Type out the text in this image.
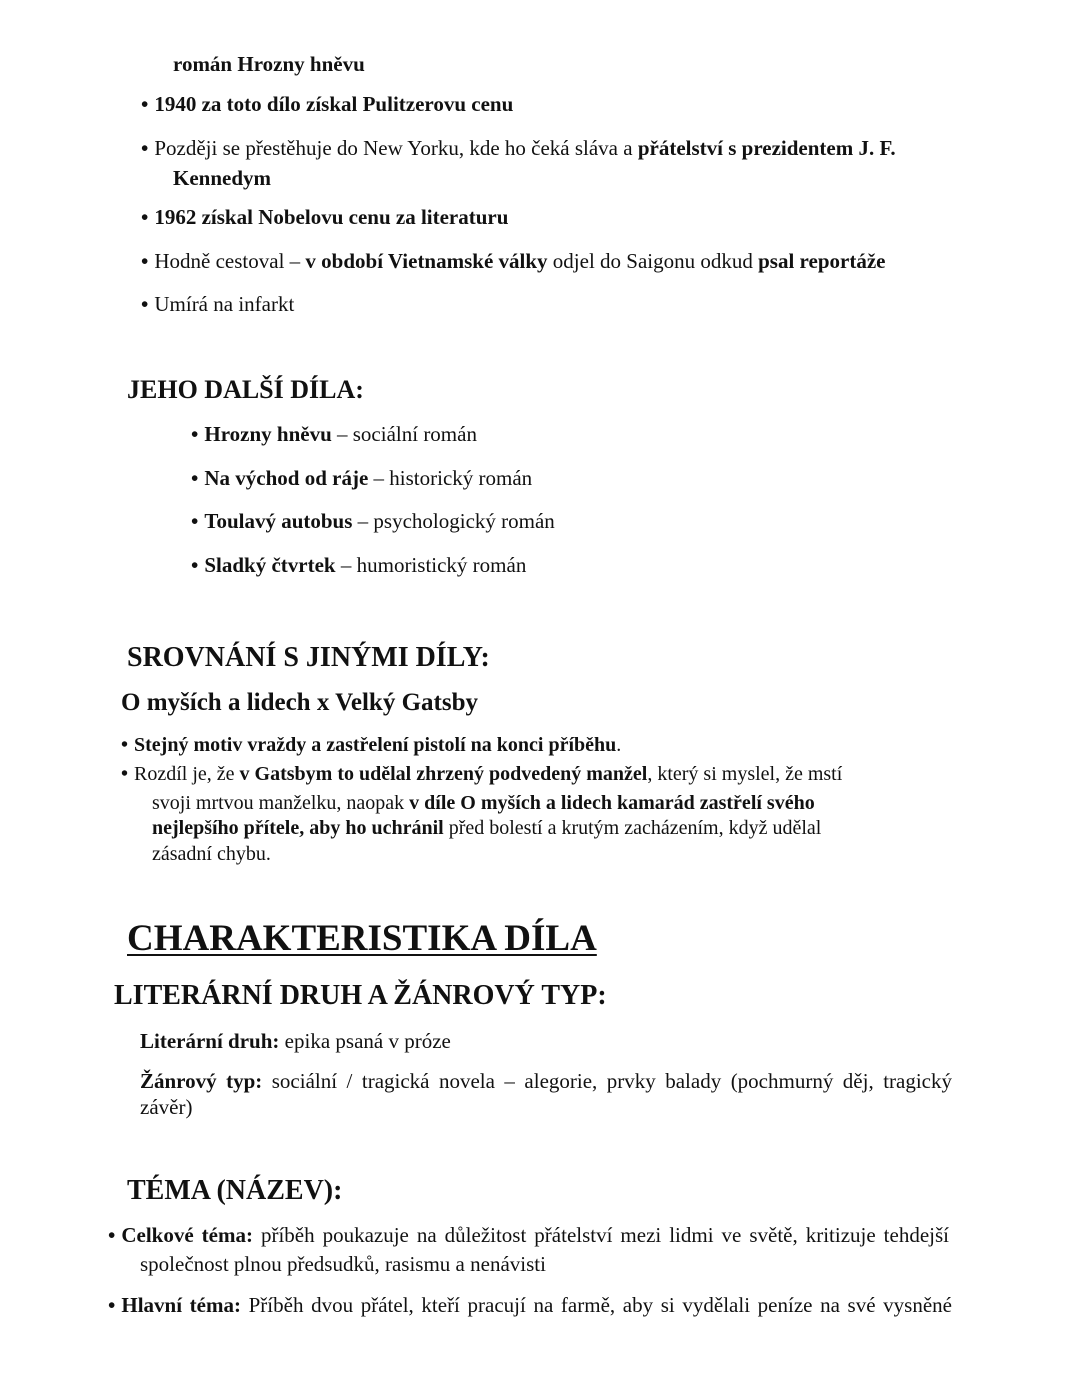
román Hrozny hněvu
• 1940 za toto dílo získal Pulitzerovu cenu
• Později se přestěhuje do New Yorku, kde ho čeká sláva a přátelství s prezidentem J. F.
Kennedym
• 1962 získal Nobelovu cenu za literaturu
• Hodně cestoval – v období Vietnamské války odjel do Saigonu odkud psal reportáže
• Umírá na infarkt
JEHO DALŠÍ DÍLA:
• Hrozny hněvu – sociální román
• Na východ od ráje – historický román
• Toulavý autobus – psychologický román
• Sladký čtvrtek – humoristický román
SROVNÁNÍ S JINÝMI DÍLY:
O myších a lidech x Velký Gatsby
• Stejný motiv vraždy a zastřelení pistolí na konci příběhu.
• Rozdíl je, že v Gatsbym to udělal zhrzený podvedený manžel, který si myslel, že mstí
svoji mrtvou manželku, naopak v díle O myších a lidech kamarád zastřelí svého
nejlepšího přítele, aby ho uchránil před bolestí a krutým zacházením, když udělal
zásadní chybu.
CHARAKTERISTIKA DÍLA
LITERÁRNÍ DRUH A ŽÁNROVÝ TYP:
Literární druh: epika psaná v próze
Žánrový typ: sociální / tragická novela – alegorie, prvky balady (pochmurný děj, tragický
závěr)
TÉMA (NÁZEV):
• Celkové téma: příběh poukazuje na důležitost přátelství mezi lidmi ve světě, kritizuje tehdejší
společnost plnou předsudků, rasismu a nenávisti
• Hlavní téma: Příběh dvou přátel, kteří pracují na farmě, aby si vydělali peníze na své vysněné
